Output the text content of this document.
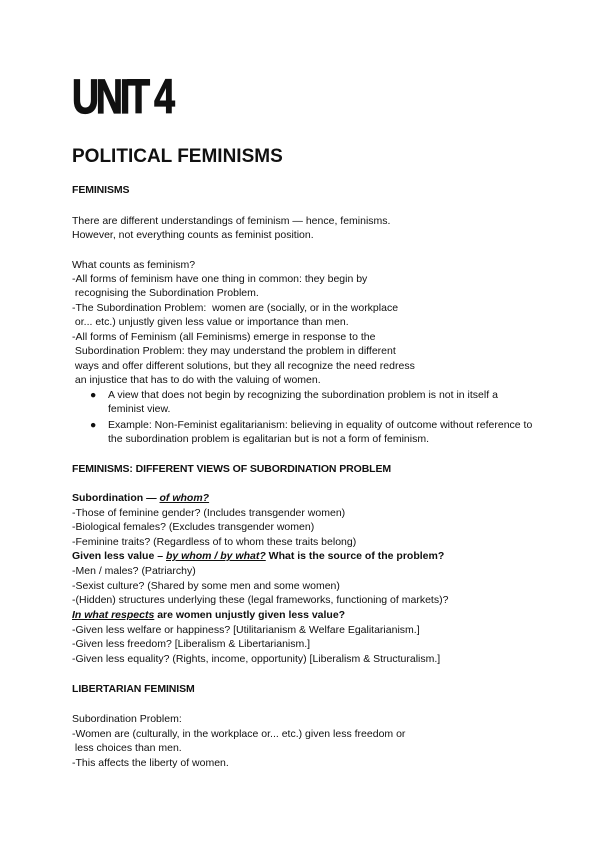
UNIT 4
POLITICAL FEMINISMS
FEMINISMS
There are different understandings of feminism — hence, feminisms.
However, not everything counts as feminist position.
What counts as feminism?
-All forms of feminism have one thing in common: they begin by
recognising the Subordination Problem.
-The Subordination Problem:  women are (socially, or in the workplace
or... etc.) unjustly given less value or importance than men.
-All forms of Feminism (all Feminisms) emerge in response to the
Subordination Problem: they may understand the problem in different
ways and offer different solutions, but they all recognize the need redress
an injustice that has to do with the valuing of women.
●	A view that does not begin by recognizing the subordination problem is not in itself a feminist view.
●	Example: Non-Feminist egalitarianism: believing in equality of outcome without reference to the subordination problem is egalitarian but is not a form of feminism.
FEMINISMS: DIFFERENT VIEWS OF SUBORDINATION PROBLEM
Subordination — of whom?
-Those of feminine gender? (Includes transgender women)
-Biological females? (Excludes transgender women)
-Feminine traits? (Regardless of to whom these traits belong)
Given less value – by whom / by what? What is the source of the problem?
-Men / males? (Patriarchy)
-Sexist culture? (Shared by some men and some women)
-(Hidden) structures underlying these (legal frameworks, functioning of markets)?
In what respects are women unjustly given less value?
-Given less welfare or happiness? [Utilitarianism & Welfare Egalitarianism.]
-Given less freedom? [Liberalism & Libertarianism.]
-Given less equality? (Rights, income, opportunity) [Liberalism & Structuralism.]
LIBERTARIAN FEMINISM
Subordination Problem:
-Women are (culturally, in the workplace or... etc.) given less freedom or
less choices than men.
-This affects the liberty of women.
